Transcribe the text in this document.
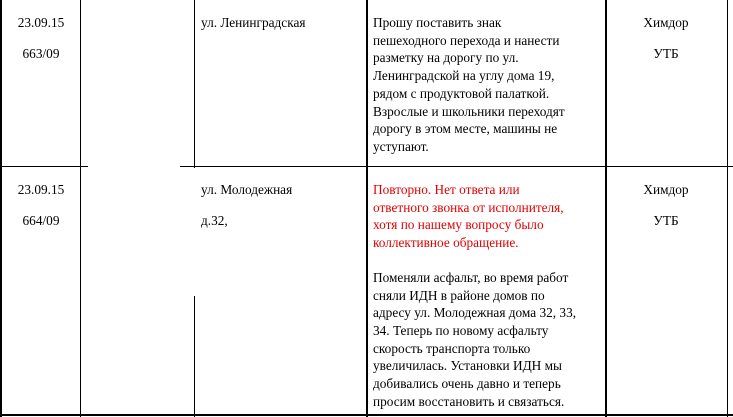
23.09.15
663/09
ул. Ленинградская	Прошу поставить знак
пешеходного перехода и нанести
разметку на дорогу по ул.
Ленинградской на углу дома 19,
рядом с продуктовой палаткой.
Взрослые и школьники переходят
дорогу в этом месте, машины не
уступают.
Химдор
УТБ
23.09.15
664/09
ул. Молодежная
д.32,
Повторно. Нет ответа или
ответного звонка от исполнителя,
хотя по нашему вопросу было
коллективное обращение.
Поменяли асфальт, во время работ
сняли ИДН в районе домов по
адресу ул. Молодежная дома 32, 33,
34. Теперь по новому асфальту
скорость транспорта только
увеличилась. Установки ИДН мы
добивались очень давно и теперь
просим восстановить и связаться.
Химдор
УТБ
